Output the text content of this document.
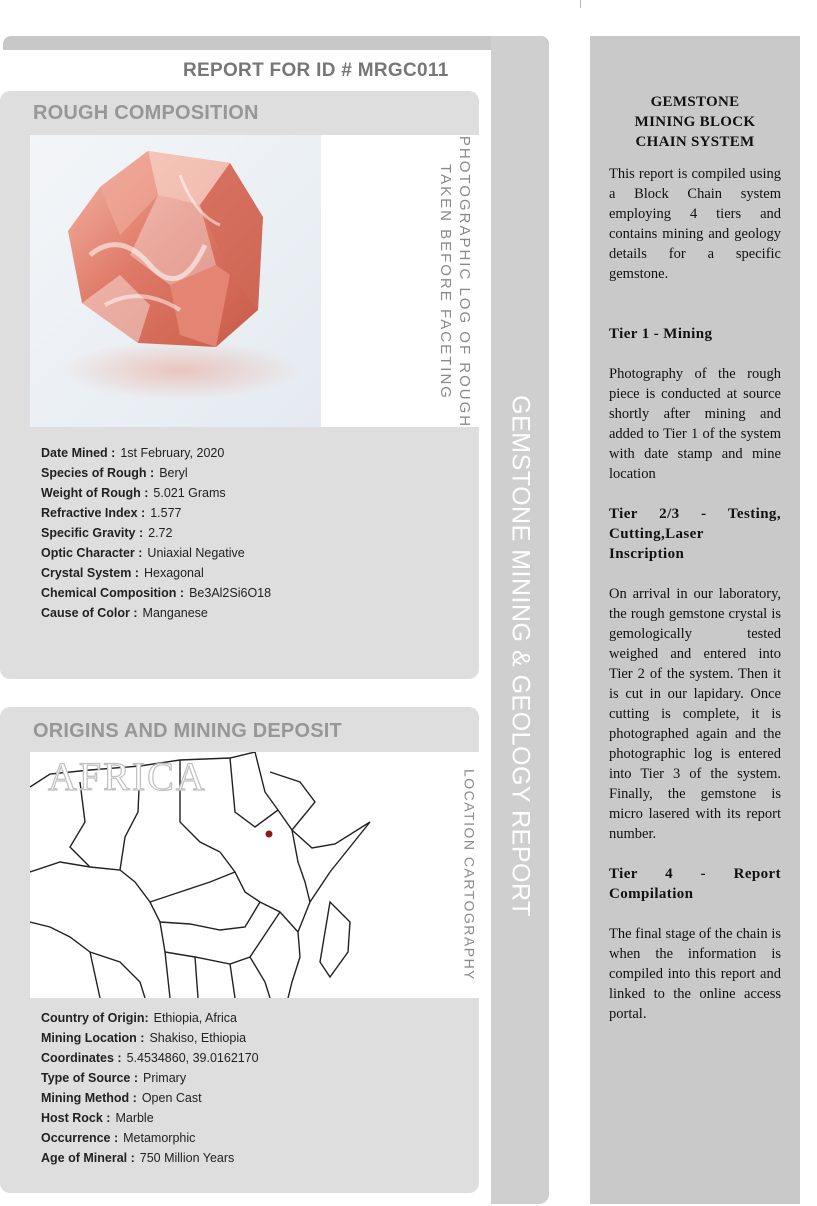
GEMSTONE MINING & GEOLOGY REPORT
REPORT FOR ID # MRGC011
ROUGH COMPOSITION
PHOTOGRAPHIC LOG OF ROUGH
TAKEN BEFORE FACETING
Date Mined : 1st February, 2020
Species of Rough : Beryl
Weight of Rough : 5.021 Grams
Refractive Index : 1.577
Specific Gravity : 2.72
Optic Character : Uniaxial Negative
Crystal System : Hexagonal
Chemical Composition : Be3Al2Si6O18
Cause of Color : Manganese
ORIGINS AND MINING DEPOSIT
AFRICA	LOCATION CARTOGRAPHY
Country of Origin: Ethiopia, Africa
Mining Location : Shakiso, Ethiopia
Coordinates : 5.4534860, 39.0162170
Type of Source : Primary
Mining Method : Open Cast
Host Rock : Marble
Occurrence : Metamorphic
Age of Mineral : 750 Million Years
GEMSTONE
MINING BLOCK
CHAIN SYSTEM

This report is compiled using a Block Chain system employing 4 tiers and contains mining and geology details for a specific gemstone.

Tier 1 - Mining

Photography of the rough piece is conducted at source shortly after mining and added to Tier 1 of the system with date stamp and mine location

Tier 2/3 - Testing, Cutting,Laser Inscription

On arrival in our laboratory, the rough gemstone crystal is gemologically tested weighed and entered into Tier 2 of the system. Then it is cut in our lapidary. Once cutting is complete, it is photographed again and the photographic log is entered into Tier 3 of the system. Finally, the gemstone is micro lasered with its report number.

Tier 4 - Report Compilation

The final stage of the chain is when the information is compiled into this report and linked to the online access portal.
